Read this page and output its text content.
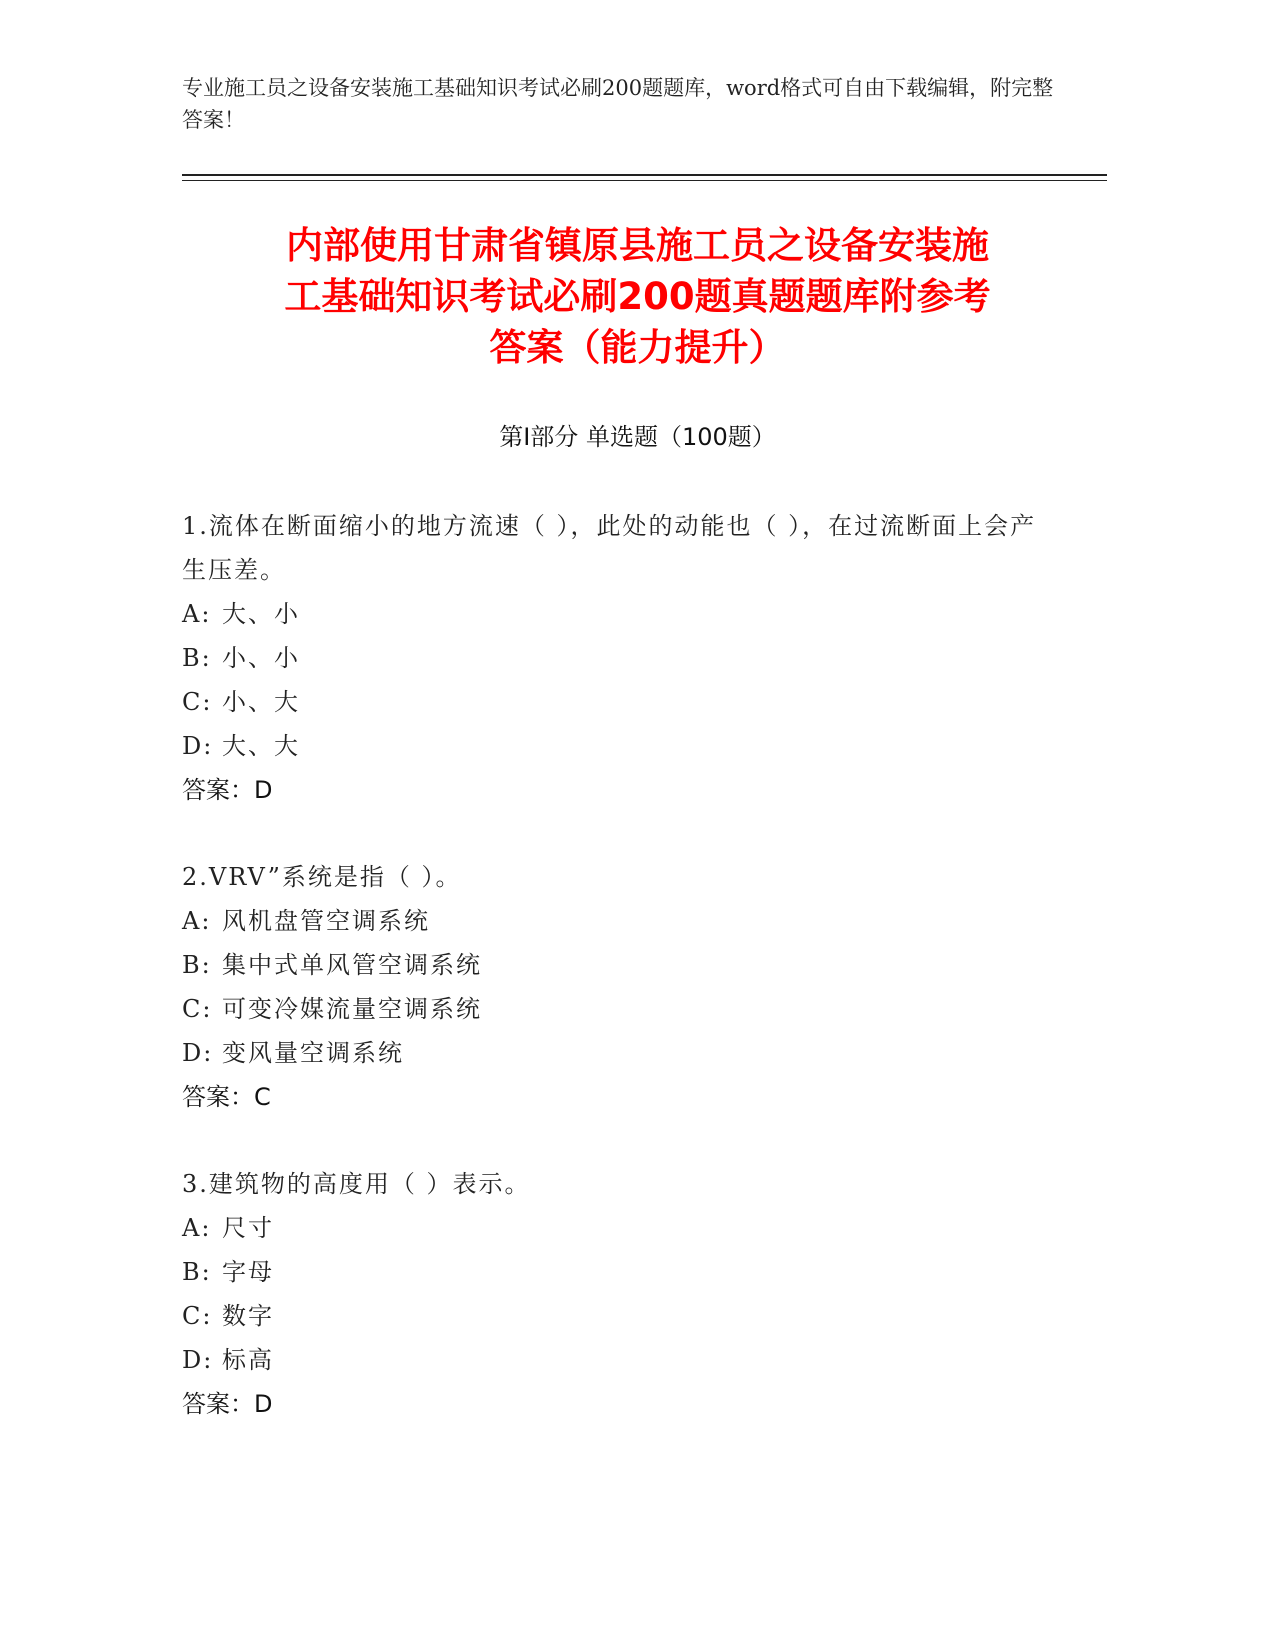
专业施工员之设备安装施工基础知识考试必刷200题题库，word格式可自由下载编辑，附完整答案！
内部使用甘肃省镇原县施工员之设备安装施
工基础知识考试必刷200题真题题库附参考
答案（能力提升）
第I部分 单选题（100题）
1.流体在断面缩小的地方流速（ ），此处的动能也（ ），在过流断面上会产生压差。
A: 大、小
B: 小、小
C: 小、大
D: 大、大
答案：D
2.VRV”系统是指（ ）。
A: 风机盘管空调系统
B: 集中式单风管空调系统
C: 可变冷媒流量空调系统
D: 变风量空调系统
答案：C
3.建筑物的高度用（ ）表示。
A: 尺寸
B: 字母
C: 数字
D: 标高
答案：D
